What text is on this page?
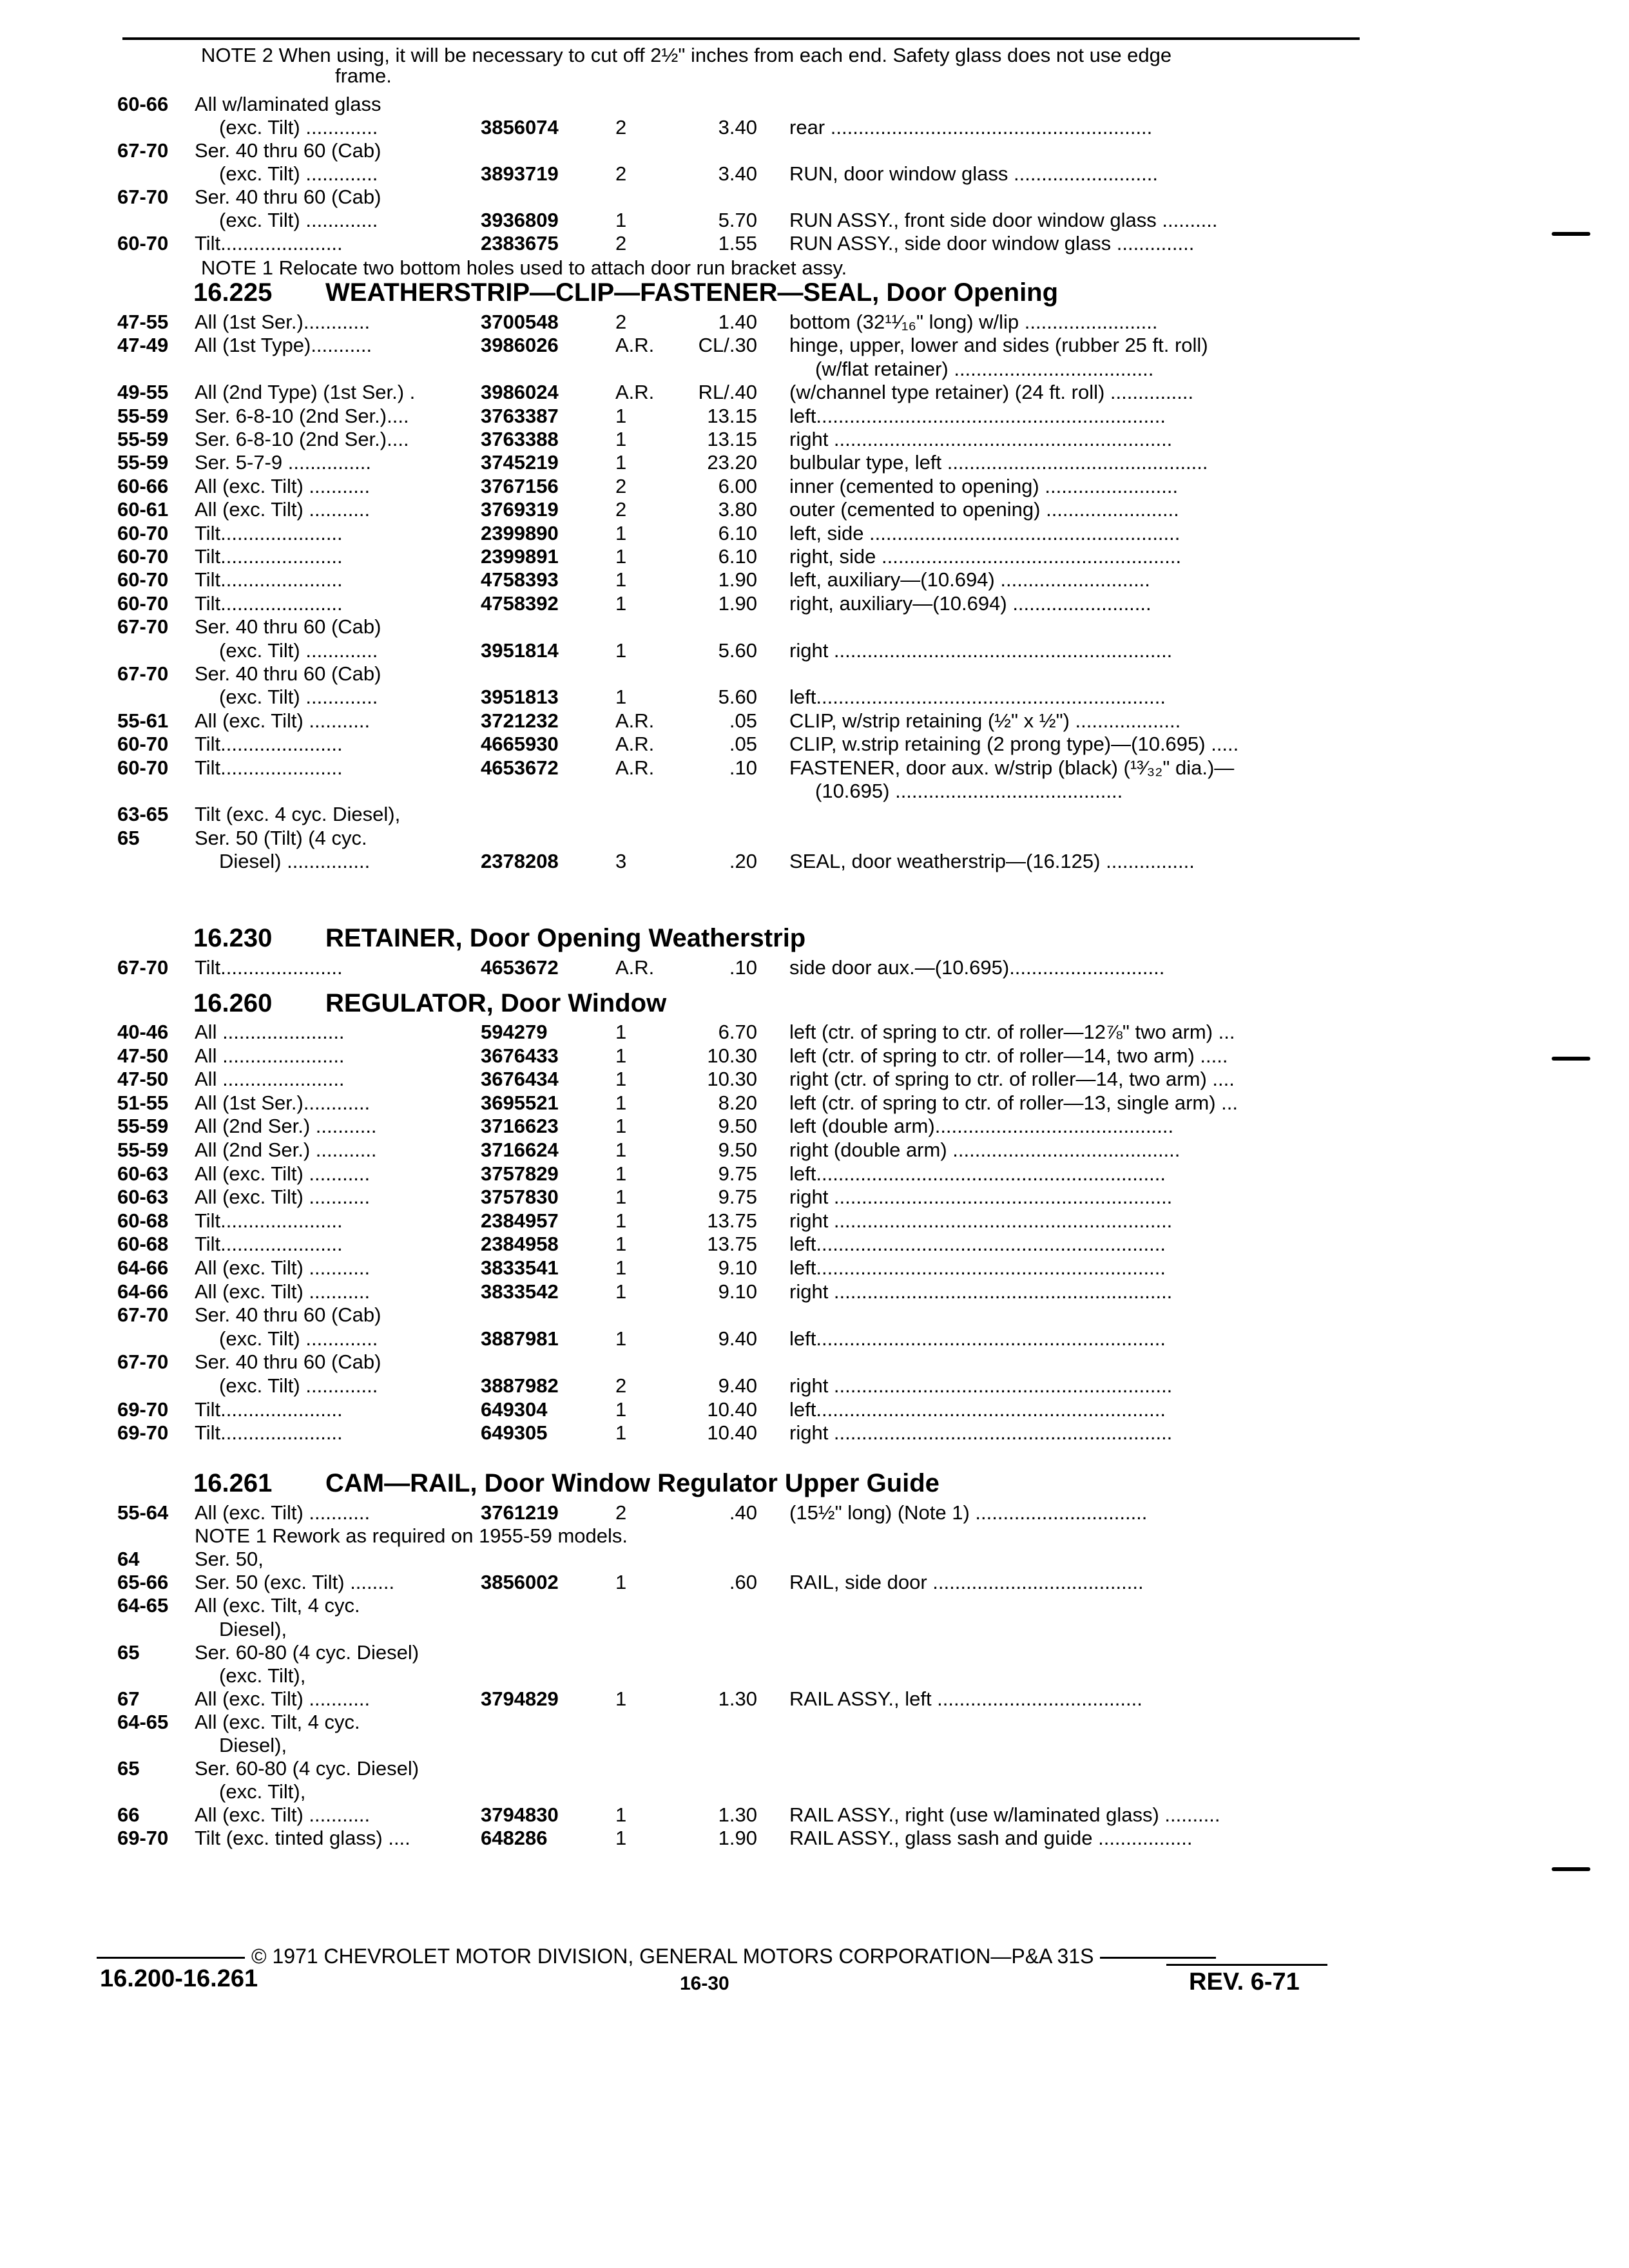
NOTE 2 When using, it will be necessary to cut off 2½" inches from each end. Safety glass does not use edge
frame.
60-66 All w/laminated glass
(exc. Tilt) .............	3856074	2	3.40 rear ..........................................................
67-70 Ser. 40 thru 60 (Cab)
(exc. Tilt) .............	3893719	2	3.40 RUN, door window glass ..........................
67-70 Ser. 40 thru 60 (Cab)
(exc. Tilt) .............	3936809	1	5.70 RUN ASSY., front side door window glass ..........
60-70 Tilt......................	2383675	2	1.55 RUN ASSY., side door window glass ..............
NOTE 1 Relocate two bottom holes used to attach door run bracket assy.
16.225 WEATHERSTRIP—CLIP—FASTENER—SEAL, Door Opening
47-55 All (1st Ser.)............	3700548	2	1.40 bottom (32¹¹⁄₁₆" long) w/lip ........................
47-49 All (1st Type)...........	3986026	A.R.	CL/.30 hinge, upper, lower and sides (rubber 25 ft. roll)
(w/flat retainer) ....................................
49-55 All (2nd Type) (1st Ser.) .	3986024	A.R.	RL/.40 (w/channel type retainer) (24 ft. roll) ...............
55-59 Ser. 6-8-10 (2nd Ser.)....	3763387	1	13.15 left...............................................................
55-59 Ser. 6-8-10 (2nd Ser.)....	3763388	1	13.15 right .............................................................
55-59 Ser. 5-7-9 ...............	3745219	1	23.20 bulbular type, left ...............................................
60-66 All (exc. Tilt) ...........	3767156	2	6.00 inner (cemented to opening) ........................
60-61 All (exc. Tilt) ...........	3769319	2	3.80 outer (cemented to opening) ........................
60-70 Tilt......................	2399890	1	6.10 left, side ........................................................
60-70 Tilt......................	2399891	1	6.10 right, side ......................................................
60-70 Tilt......................	4758393	1	1.90 left, auxiliary—(10.694) ...........................
60-70 Tilt......................	4758392	1	1.90 right, auxiliary—(10.694) .........................
67-70 Ser. 40 thru 60 (Cab)
(exc. Tilt) .............	3951814	1	5.60 right .............................................................
67-70 Ser. 40 thru 60 (Cab)
(exc. Tilt) .............	3951813	1	5.60 left...............................................................
55-61 All (exc. Tilt) ...........	3721232	A.R.	.05 CLIP, w/strip retaining (½" x ½") ...................
60-70 Tilt......................	4665930	A.R.	.05 CLIP, w.strip retaining (2 prong type)—(10.695) .....
60-70 Tilt......................	4653672	A.R.	.10 FASTENER, door aux. w/strip (black) (¹³⁄₃₂" dia.)—
(10.695) .........................................
63-65 Tilt (exc. 4 cyc. Diesel),
65	Ser. 50 (Tilt) (4 cyc.
Diesel) ...............	2378208	3	.20 SEAL, door weatherstrip—(16.125) ................
16.230 RETAINER, Door Opening Weatherstrip
67-70 Tilt......................	4653672	A.R.	.10 side door aux.—(10.695)............................
16.260 REGULATOR, Door Window
40-46 All ......................	594279	1	6.70 left (ctr. of spring to ctr. of roller—12⅞" two arm) ...
47-50 All ......................	3676433	1	10.30 left (ctr. of spring to ctr. of roller—14, two arm) .....
47-50 All ......................	3676434	1	10.30 right (ctr. of spring to ctr. of roller—14, two arm) ....
51-55 All (1st Ser.)............	3695521	1	8.20 left (ctr. of spring to ctr. of roller—13, single arm) ...
55-59 All (2nd Ser.) ...........	3716623	1	9.50 left (double arm)...........................................
55-59 All (2nd Ser.) ...........	3716624	1	9.50 right (double arm) .........................................
60-63 All (exc. Tilt) ...........	3757829	1	9.75 left...............................................................
60-63 All (exc. Tilt) ...........	3757830	1	9.75 right .............................................................
60-68 Tilt......................	2384957	1	13.75 right .............................................................
60-68 Tilt......................	2384958	1	13.75 left...............................................................
64-66 All (exc. Tilt) ...........	3833541	1	9.10 left...............................................................
64-66 All (exc. Tilt) ...........	3833542	1	9.10 right .............................................................
67-70 Ser. 40 thru 60 (Cab)
(exc. Tilt) .............	3887981	1	9.40 left...............................................................
67-70 Ser. 40 thru 60 (Cab)
(exc. Tilt) .............	3887982	2	9.40 right .............................................................
69-70 Tilt......................	649304	1	10.40 left...............................................................
69-70 Tilt......................	649305	1	10.40 right .............................................................
16.261 CAM—RAIL, Door Window Regulator Upper Guide
55-64 All (exc. Tilt) ...........	3761219	2	.40 (15½" long) (Note 1) ...............................
NOTE 1 Rework as required on 1955-59 models.
64	Ser. 50,
65-66 Ser. 50 (exc. Tilt) ........	3856002	1	.60 RAIL, side door ......................................
64-65 All (exc. Tilt, 4 cyc.
Diesel),
65	Ser. 60-80 (4 cyc. Diesel)
(exc. Tilt),
67	All (exc. Tilt) ...........	3794829	1	1.30 RAIL ASSY., left .....................................
64-65 All (exc. Tilt, 4 cyc.
Diesel),
65	Ser. 60-80 (4 cyc. Diesel)
(exc. Tilt),
66	All (exc. Tilt) ...........	3794830	1	1.30 RAIL ASSY., right (use w/laminated glass) ..........
69-70 Tilt (exc. tinted glass) ....	648286	1	1.90 RAIL ASSY., glass sash and guide .................
© 1971 CHEVROLET MOTOR DIVISION, GENERAL MOTORS CORPORATION—P&A 31S
16.200-16.261	16-30	REV. 6-71
